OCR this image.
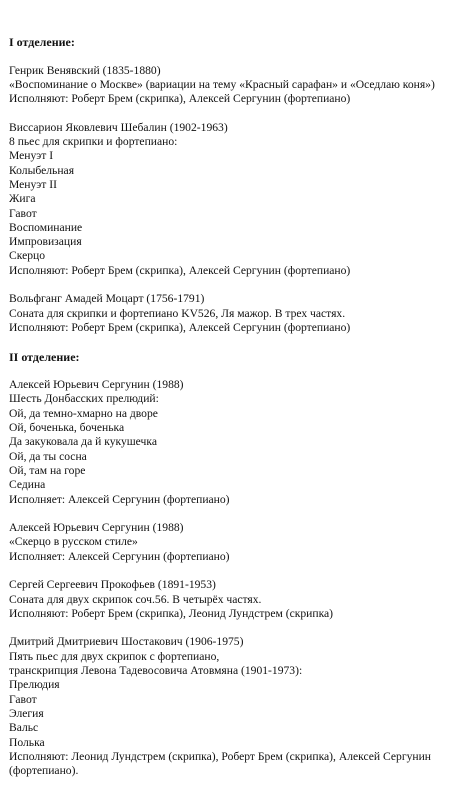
I отделение:

Генрик Венявский (1835-1880)

«Воспоминание о Москве» (вариации на тему «Красный сарафан» и «Оседлаю коня»)

Исполняют: Роберт Брем (скрипка), Алексей Сергунин (фортепиано)

Виссарион Яковлевич Шебалин (1902-1963)

8 пьес для скрипки и фортепиано:

Менуэт I

Колыбельная

Менуэт II

Жига

Гавот

Воспоминание

Импровизация

Скерцо

Исполняют: Роберт Брем (скрипка), Алексей Сергунин (фортепиано)

Вольфганг Амадей Моцарт (1756-1791)

Соната для скрипки и фортепиано KV526, Ля мажор. В трех частях.

Исполняют: Роберт Брем (скрипка), Алексей Сергунин (фортепиано)

II отделение:

Алексей Юрьевич Сергунин (1988)

Шесть Донбасских прелюдий:

Ой, да темно-хмарно на дворе

Ой, боченька, боченька

Да закуковала да й кукушечка

Ой, да ты сосна

Ой, там на горе

Седина

Исполняет: Алексей Сергунин (фортепиано)

Алексей Юрьевич Сергунин (1988)

«Скерцо в русском стиле»

Исполняет: Алексей Сергунин (фортепиано)

Сергей Сергеевич Прокофьев (1891-1953)

Соната для двух скрипок соч.56. В четырёх частях.

Исполняют: Роберт Брем (скрипка), Леонид Лундстрем (скрипка)

Дмитрий Дмитриевич Шостакович (1906-1975)

Пять пьес для двух скрипок с фортепиано,

транскрипция Левона Тадевосовича Атовмяна (1901-1973):

Прелюдия

Гавот

Элегия

Вальс

Полька

Исполняют: Леонид Лундстрем (скрипка), Роберт Брем (скрипка), Алексей Сергунин (фортепиано).
